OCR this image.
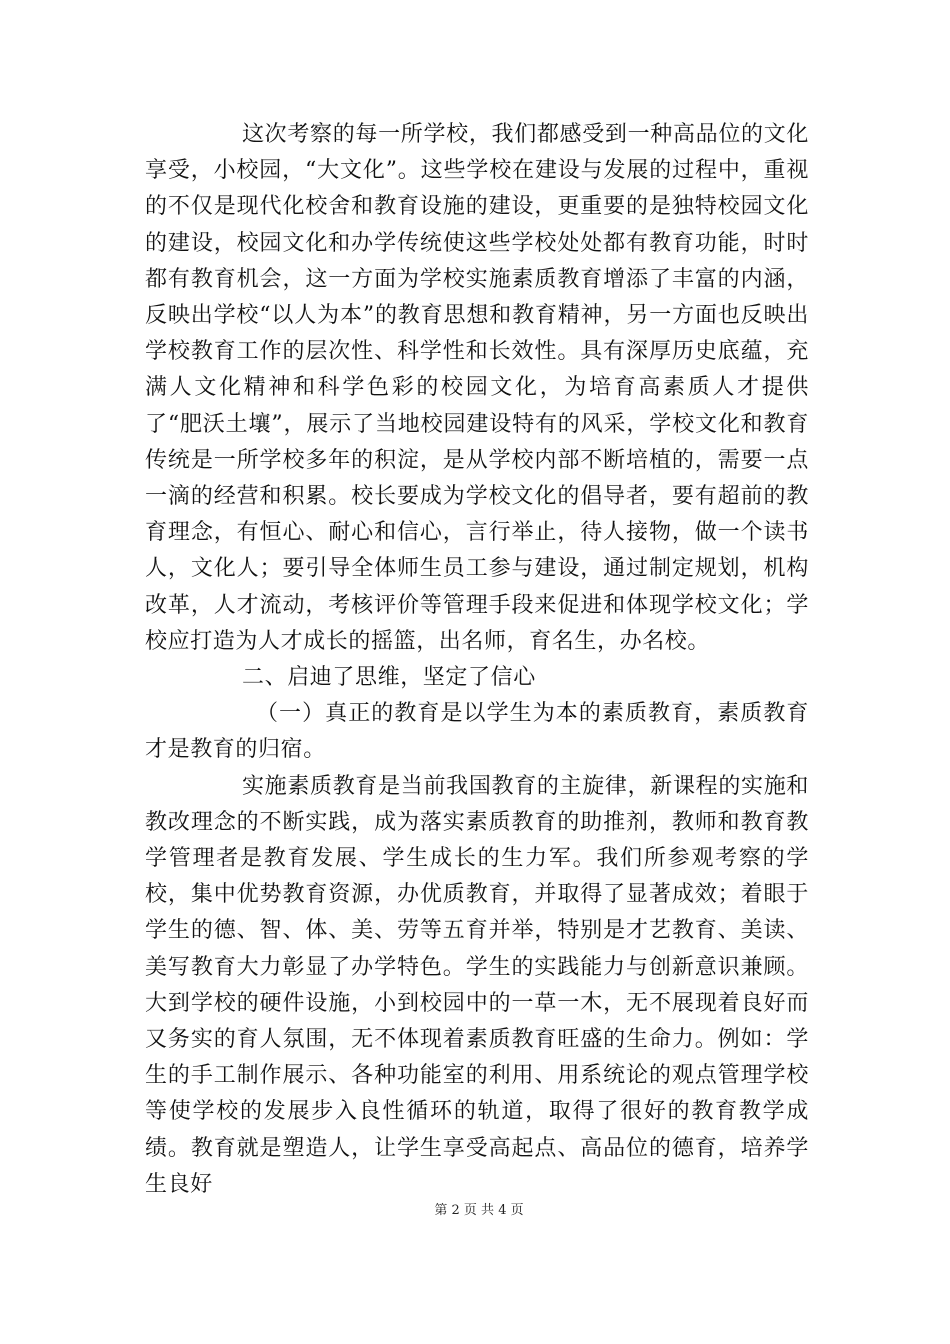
这次考察的每一所学校，我们都感受到一种高品位的文化享受，小校园，“大文化”。这些学校在建设与发展的过程中，重视的不仅是现代化校舍和教育设施的建设，更重要的是独特校园文化的建设，校园文化和办学传统使这些学校处处都有教育功能，时时都有教育机会，这一方面为学校实施素质教育增添了丰富的内涵，反映出学校“以人为本”的教育思想和教育精神，另一方面也反映出学校教育工作的层次性、科学性和长效性。具有深厚历史底蕴，充满人文化精神和科学色彩的校园文化，为培育高素质人才提供了“肥沃土壤”，展示了当地校园建设特有的风采，学校文化和教育传统是一所学校多年的积淀，是从学校内部不断培植的，需要一点一滴的经营和积累。校长要成为学校文化的倡导者，要有超前的教育理念，有恒心、耐心和信心，言行举止，待人接物，做一个读书人，文化人；要引导全体师生员工参与建设，通过制定规划，机构改革，人才流动，考核评价等管理手段来促进和体现学校文化；学校应打造为人才成长的摇篮，出名师，育名生，办名校。

二、启迪了思维，坚定了信心

（一）真正的教育是以学生为本的素质教育，素质教育才是教育的归宿。

实施素质教育是当前我国教育的主旋律，新课程的实施和教改理念的不断实践，成为落实素质教育的助推剂，教师和教育教学管理者是教育发展、学生成长的生力军。我们所参观考察的学校，集中优势教育资源，办优质教育，并取得了显著成效；着眼于学生的德、智、体、美、劳等五育并举，特别是才艺教育、美读、美写教育大力彰显了办学特色。学生的实践能力与创新意识兼顾。大到学校的硬件设施，小到校园中的一草一木，无不展现着良好而又务实的育人氛围，无不体现着素质教育旺盛的生命力。例如：学生的手工制作展示、各种功能室的利用、用系统论的观点管理学校等使学校的发展步入良性循环的轨道，取得了很好的教育教学成绩。教育就是塑造人，让学生享受高起点、高品位的德育，培养学生良好

第 2 页 共 4 页
